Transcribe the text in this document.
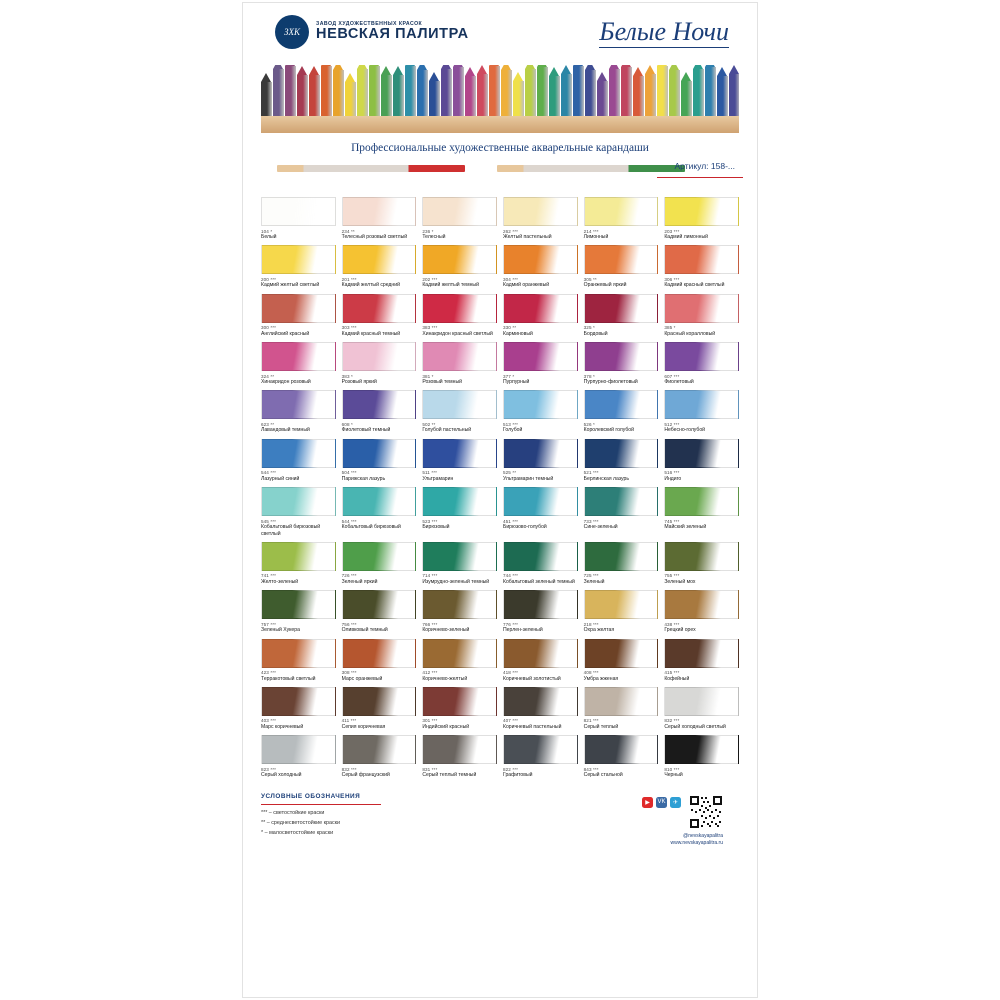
ЗХК
ЗАВОД ХУДОЖЕСТВЕННЫХ КРАСОК
НЕВСКАЯ ПАЛИТРА	Белые Ночи
Профессиональные художественные акварельные карандаши
Артикул: 158-...
104 *
Белый
234 **
Телесный розовый светлый
236 *
Телесный
262 ***
Желтый пастельный
214 ***
Лимонный
203 ***
Кадмий лимонный
200 ***
Кадмий желтый светлый
201 ***
Кадмий желтый средний
202 ***
Кадмий желтый темный
304 ***
Кадмий оранжевый
305 **
Оранжевый яркий
306 ***
Кадмий красный светлый
300 ***
Английский красный
303 ***
Кадмий красный темный
383 ***
Хинакридон красный светлый
330 **
Карминовый
325 *
Бордовый
385 *
Красный коралловый
324 **
Хинакридон розовый
383 *
Розовый яркий
381 *
Розовый темный
377 *
Пурпурный
378 *
Пурпурно-фиолетовый
607 ***
Фиолетовый
623 **
Лавандовый темный
608 *
Фиолетовый темный
502 **
Голубой пастельный
513 ***
Голубой
526 *
Королевский голубой
512 ***
Небесно-голубой
544 ***
Лазурный синий
504 ***
Парижская лазурь
511 ***
Ультрамарин
525 **
Ультрамарин темный
521 ***
Берлинская лазурь
516 ***
Индиго
545 ***
Кобальтовый бирюзовый светлый
544 ***
Кобальтовый бирюзовый
523 ***
Бирюзовый
451 ***
Бирюзово-голубой
733 ***
Сине-зеленый
745 ***
Майский зеленый
741 ***
Желто-зеленый
726 ***
Зеленый яркий
714 ***
Изумрудно-зеленый темный
744 ***
Кобальтовый зеленый темный
725 ***
Зеленый
755 ***
Зеленый мох
757 ***
Зеленый Хукера
756 ***
Оливковый темный
766 ***
Коричнево-зеленый
776 ***
Пepлен-зеленый
218 ***
Охра желтая
438 ***
Грецкий орех
423 ***
Терракотовый светлый
308 ***
Марс оранжевый
412 ***
Коричнево-желтый
418 ***
Коричневый золотистый
408 ***
Умбра жженая
415 ***
Кофейный
403 ***
Марс коричневый
411 ***
Сепия коричневая
301 ***
Индийский красный
407 ***
Коричневый пастельный
821 ***
Серый теплый
832 ***
Серый холодный светлый
823 ***
Серый холодный
832 ***
Серый французский
831 ***
Серый теплый темный
822 ***
Графитовый
843 ***
Серый стальной
810 ***
Черный
УСЛОВНЫЕ ОБОЗНАЧЕНИЯ
*** – светостойкие краски
** – среднесветостойкие краски
* – малосветостойкие краски
▶	VK	✈
@nevskayapalitra
www.nevskayapalitra.ru
